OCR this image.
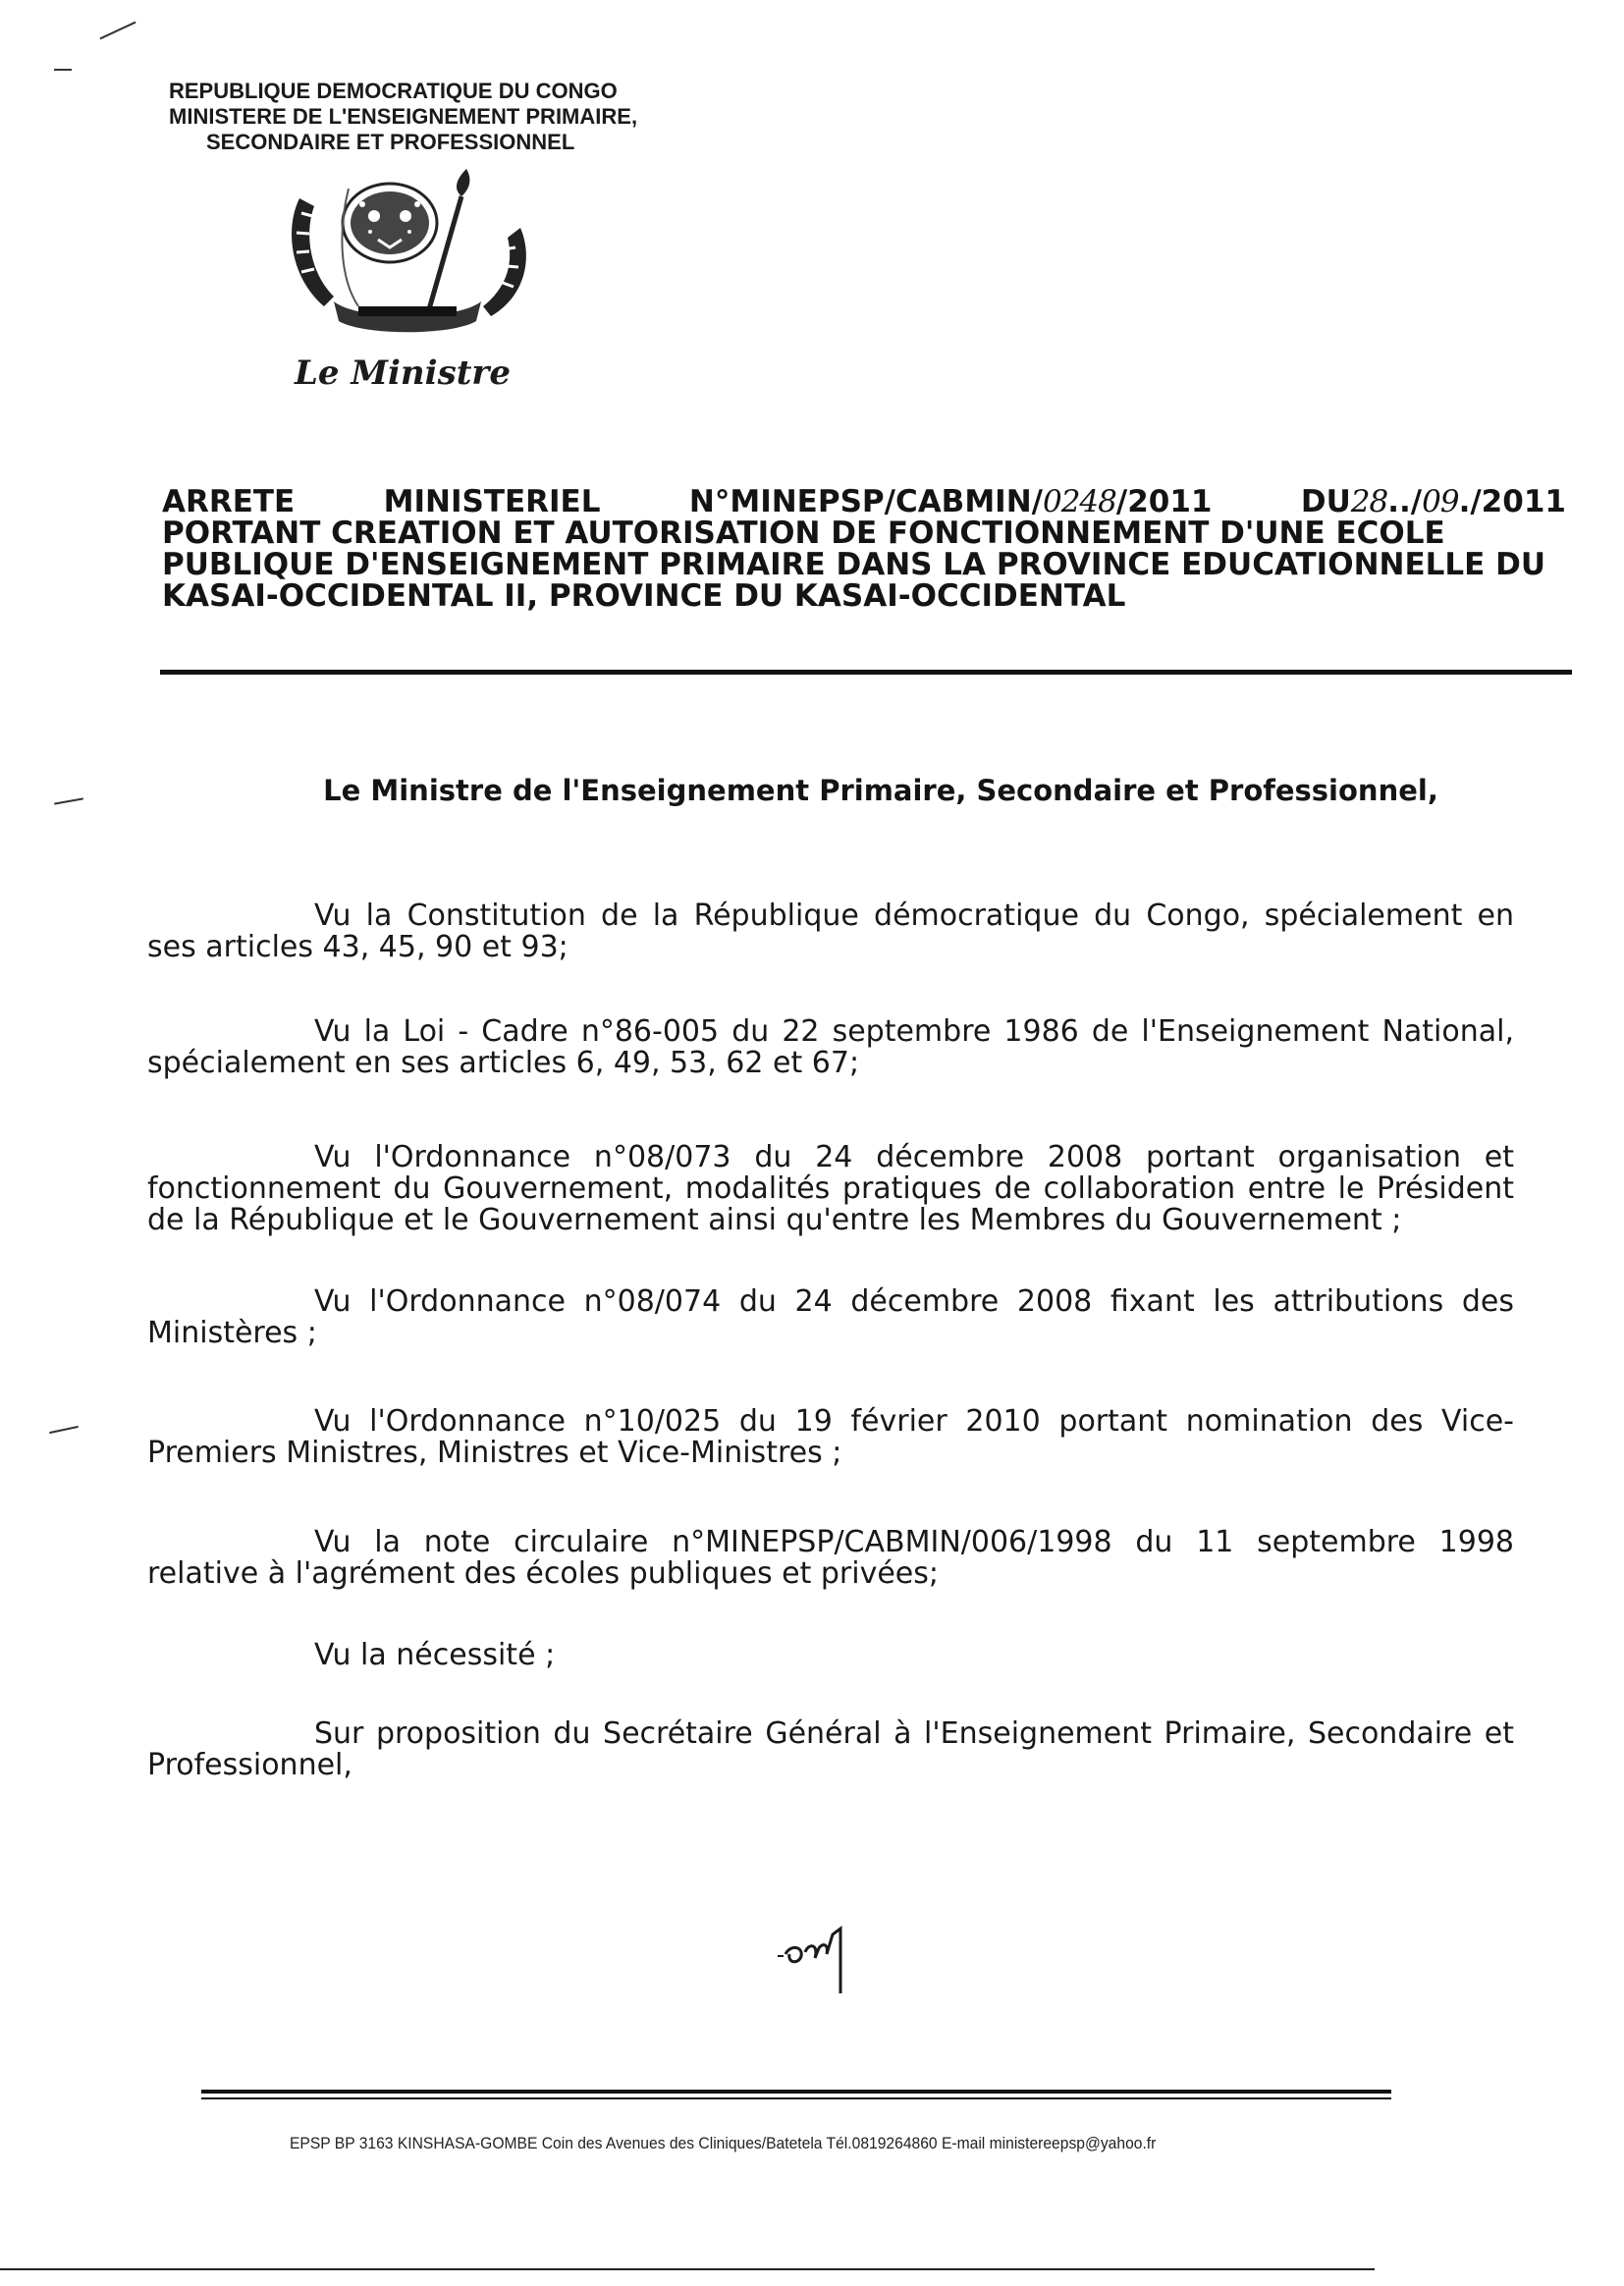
REPUBLIQUE DEMOCRATIQUE DU CONGO
MINISTERE DE L'ENSEIGNEMENT PRIMAIRE,
SECONDAIRE ET PROFESSIONNEL
Le Ministre
ARRETE	MINISTERIEL	N°MINEPSP/CABMIN/0248/2011	DU28../09./2011
PORTANT CREATION ET AUTORISATION DE FONCTIONNEMENT D'UNE ECOLE
PUBLIQUE D'ENSEIGNEMENT PRIMAIRE DANS LA PROVINCE EDUCATIONNELLE DU
KASAI-OCCIDENTAL II, PROVINCE DU KASAI-OCCIDENTAL
Le Ministre de l'Enseignement Primaire, Secondaire et Professionnel,
Vu la Constitution de la République démocratique du Congo, spécialement en ses articles 43, 45, 90 et 93;
Vu la Loi - Cadre n°86-005 du 22 septembre 1986 de l'Enseignement National, spécialement en ses articles 6, 49, 53, 62 et 67;
Vu l'Ordonnance n°08/073 du 24 décembre 2008 portant organisation et fonctionnement du Gouvernement, modalités pratiques de collaboration entre le Président de la République et le Gouvernement ainsi qu'entre les Membres du Gouvernement ;
Vu l'Ordonnance n°08/074 du 24 décembre 2008 fixant les attributions des Ministères ;
Vu l'Ordonnance n°10/025 du 19 février 2010 portant nomination des Vice-Premiers Ministres, Ministres et Vice-Ministres ;
Vu la note circulaire n°MINEPSP/CABMIN/006/1998 du 11 septembre 1998 relative à l'agrément des écoles publiques et privées;
Vu la nécessité ;
Sur proposition du Secrétaire Général à l'Enseignement Primaire, Secondaire et Professionnel,
EPSP BP 3163 KINSHASA-GOMBE Coin des Avenues des Cliniques/Batetela Tél.0819264860 E-mail ministereepsp@yahoo.fr
